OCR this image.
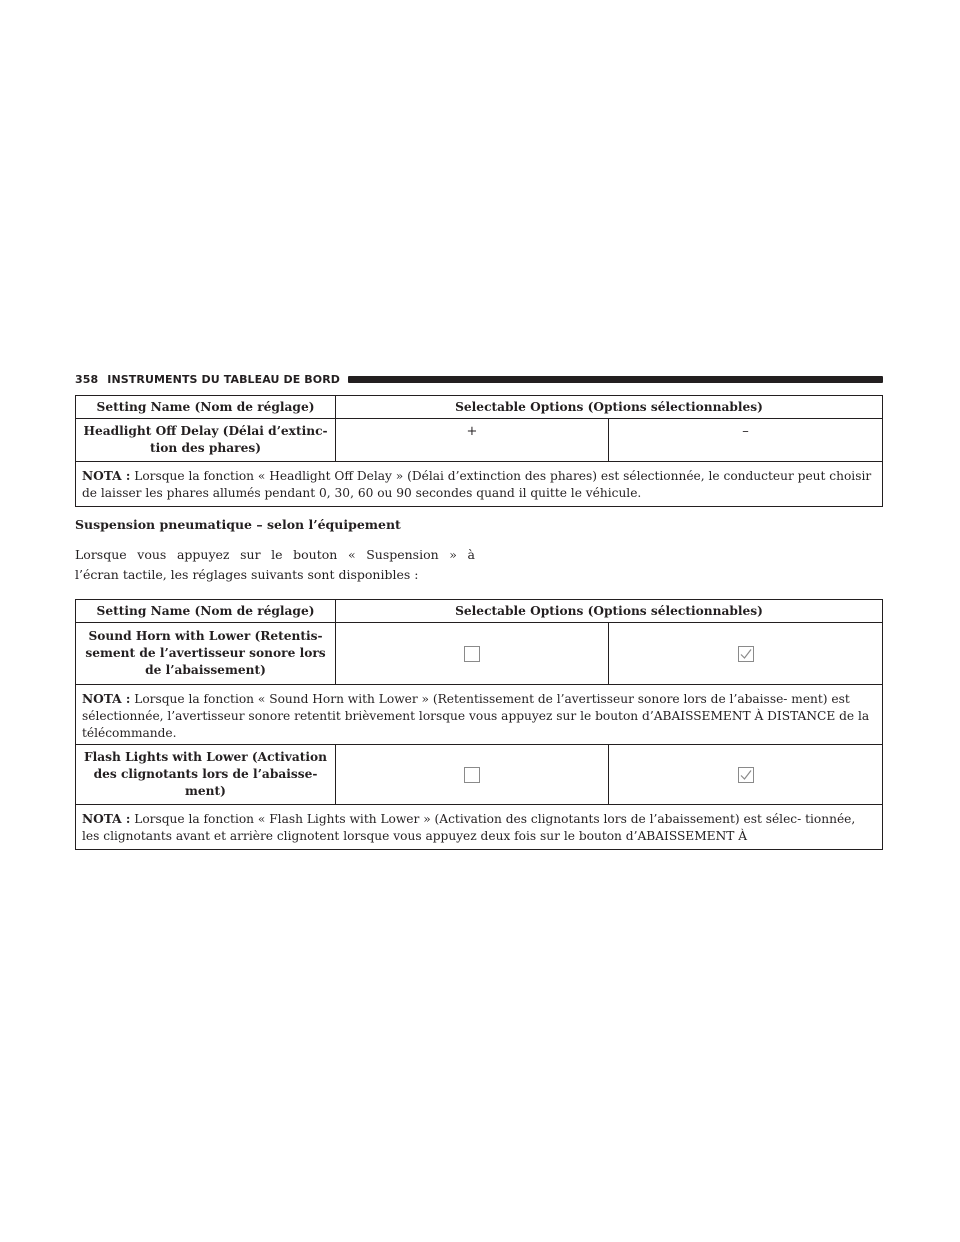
358 INSTRUMENTS DU TABLEAU DE BORD
Setting Name (Nom de réglage)	Selectable Options (Options sélectionnables)	

Headlight Off Delay (Délai d’extinc-
tion des phares)	+	–
NOTA : Lorsque la fonction « Headlight Off Delay » (Délai d’extinction des phares) est sélectionnée, le conducteur peut choisir de laisser les phares allumés pendant 0, 30, 60 ou 90 secondes quand il quitte le véhicule.		
Suspension pneumatique – selon l’équipement
Lorsque vous appuyez sur le bouton « Suspension » à
l’écran tactile, les réglages suivants sont disponibles :
Setting Name (Nom de réglage)	Selectable Options (Options sélectionnables)	

Sound Horn with Lower (Retentis-
sement de l’avertisseur sonore lors
de l’abaissement)

NOTA : Lorsque la fonction « Sound Horn with Lower » (Retentissement de l’avertisseur sonore lors de l’abaisse- ment) est sélectionnée, l’avertisseur sonore retentit brièvement lorsque vous appuyez sur le bouton d’ABAISSEMENT À DISTANCE de la télécommande.		

Flash Lights with Lower (Activation
des clignotants lors de l’abaisse-
ment)

NOTA : Lorsque la fonction « Flash Lights with Lower » (Activation des clignotants lors de l’abaissement) est sélec- tionnée, les clignotants avant et arrière clignotent lorsque vous appuyez deux fois sur le bouton d’ABAISSEMENT À		
